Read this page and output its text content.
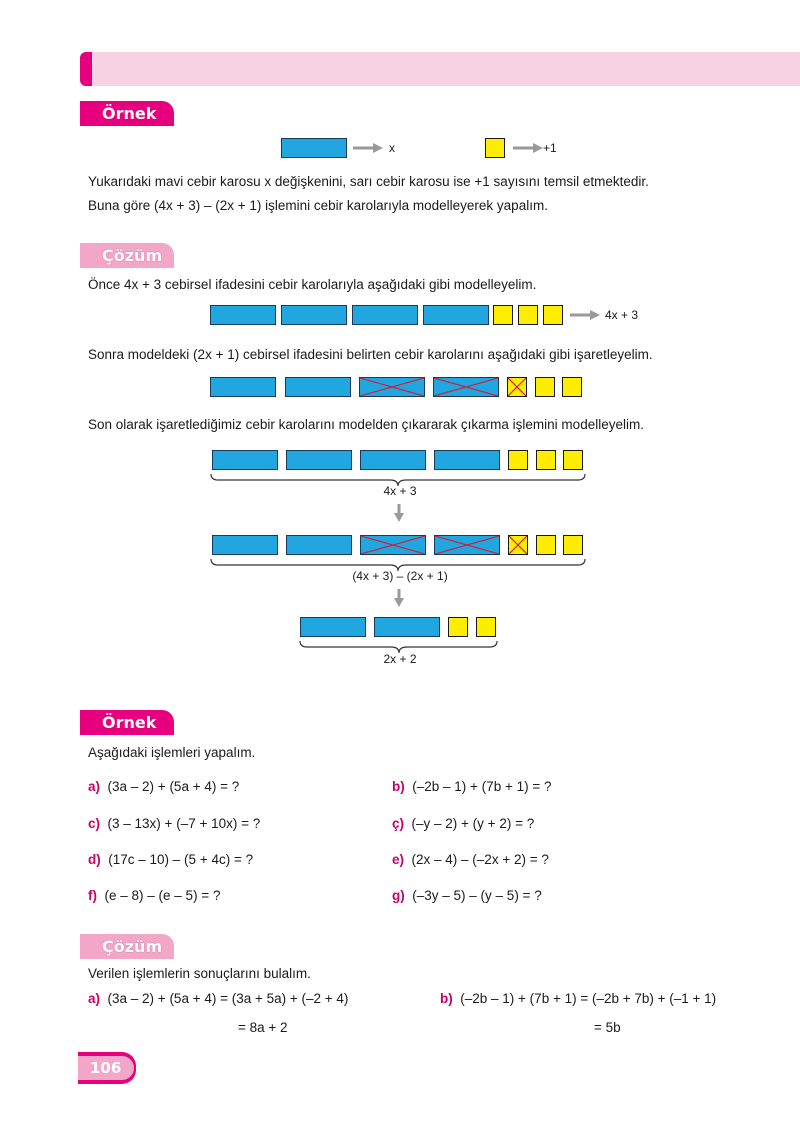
Örnek
x	+1
Yukarıdaki mavi cebir karosu x değişkenini, sarı cebir karosu ise +1 sayısını temsil etmektedir.
Buna göre (4x + 3) – (2x + 1) işlemini cebir karolarıyla modelleyerek yapalım.
Çözüm
Önce 4x + 3 cebirsel ifadesini cebir karolarıyla aşağıdaki gibi modelleyelim.
4x + 3
Sonra modeldeki (2x + 1) cebirsel ifadesini belirten cebir karolarını aşağıdaki gibi işaretleyelim.
Son olarak işaretlediğimiz cebir karolarını modelden çıkararak çıkarma işlemini modelleyelim.
4x + 3
(4x + 3) – (2x + 1)
2x + 2
Örnek
Aşağıdaki işlemleri yapalım.
a) (3a – 2) + (5a + 4) = ?	b) (–2b – 1) + (7b + 1) = ?
c) (3 – 13x) + (–7 + 10x) = ?	ç) (–y – 2) + (y + 2) = ?
d) (17c – 10) – (5 + 4c) = ?	e) (2x – 4) – (–2x + 2) = ?
f) (e – 8) – (e – 5) = ?	g) (–3y – 5) – (y – 5) = ?
Çözüm
Verilen işlemlerin sonuçlarını bulalım.
a) (3a – 2) + (5a + 4) = (3a + 5a) + (–2 + 4)
= 8a + 2
b) (–2b – 1) + (7b + 1) = (–2b + 7b) + (–1 + 1)
= 5b
106
